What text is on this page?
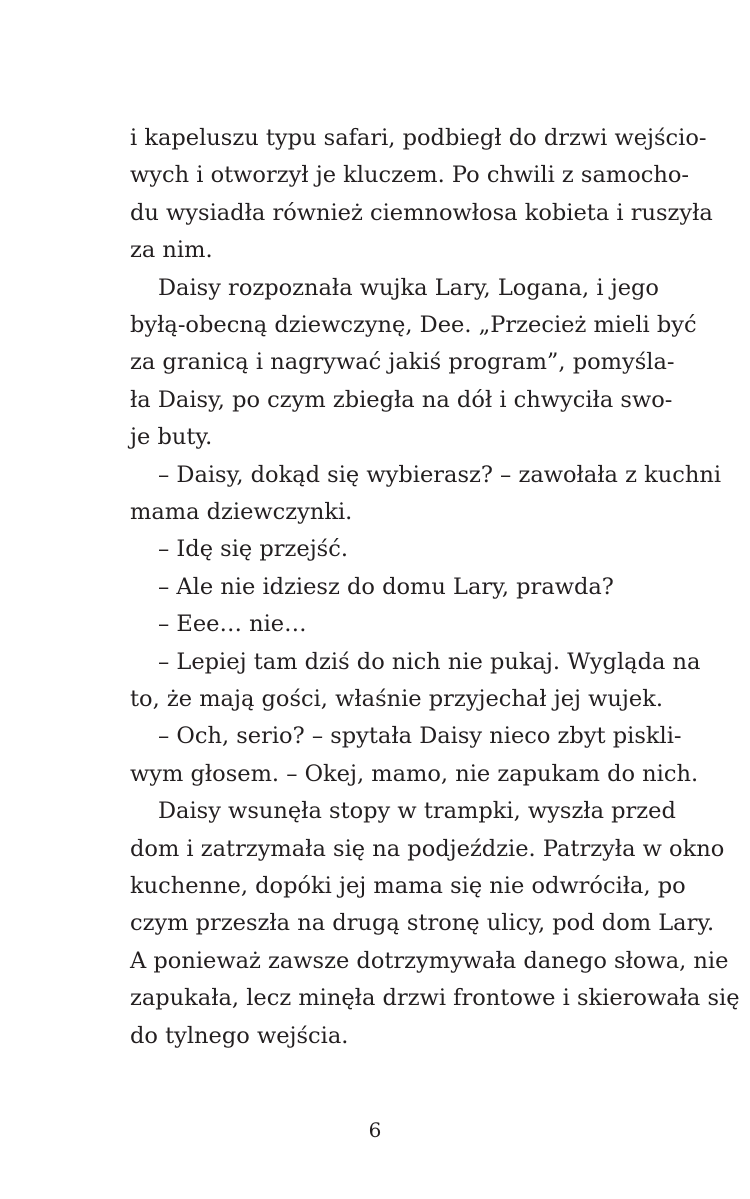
i kapeluszu typu safari, podbiegł do drzwi wejścio-
wych i otworzył je kluczem. Po chwili z samocho-
du wysiadła również ciemnowłosa kobieta i ruszyła
za nim.
Daisy rozpoznała wujka Lary, Logana, i jego
byłą-obecną dziewczynę, Dee. „Przecież mieli być
za granicą i nagrywać jakiś program”, pomyśla-
ła Daisy, po czym zbiegła na dół i chwyciła swo-
je buty.
– Daisy, dokąd się wybierasz? – zawołała z kuchni
mama dziewczynki.
– Idę się przejść.
– Ale nie idziesz do domu Lary, prawda?
– Eee… nie…
– Lepiej tam dziś do nich nie pukaj. Wygląda na
to, że mają gości, właśnie przyjechał jej wujek.
– Och, serio? – spytała Daisy nieco zbyt piskli-
wym głosem. – Okej, mamo, nie zapukam do nich.
Daisy wsunęła stopy w trampki, wyszła przed
dom i zatrzymała się na podjeździe. Patrzyła w okno
kuchenne, dopóki jej mama się nie odwróciła, po
czym przeszła na drugą stronę ulicy, pod dom Lary.
A ponieważ zawsze dotrzymywała danego słowa, nie
zapukała, lecz minęła drzwi frontowe i skierowała się
do tylnego wejścia.
6
